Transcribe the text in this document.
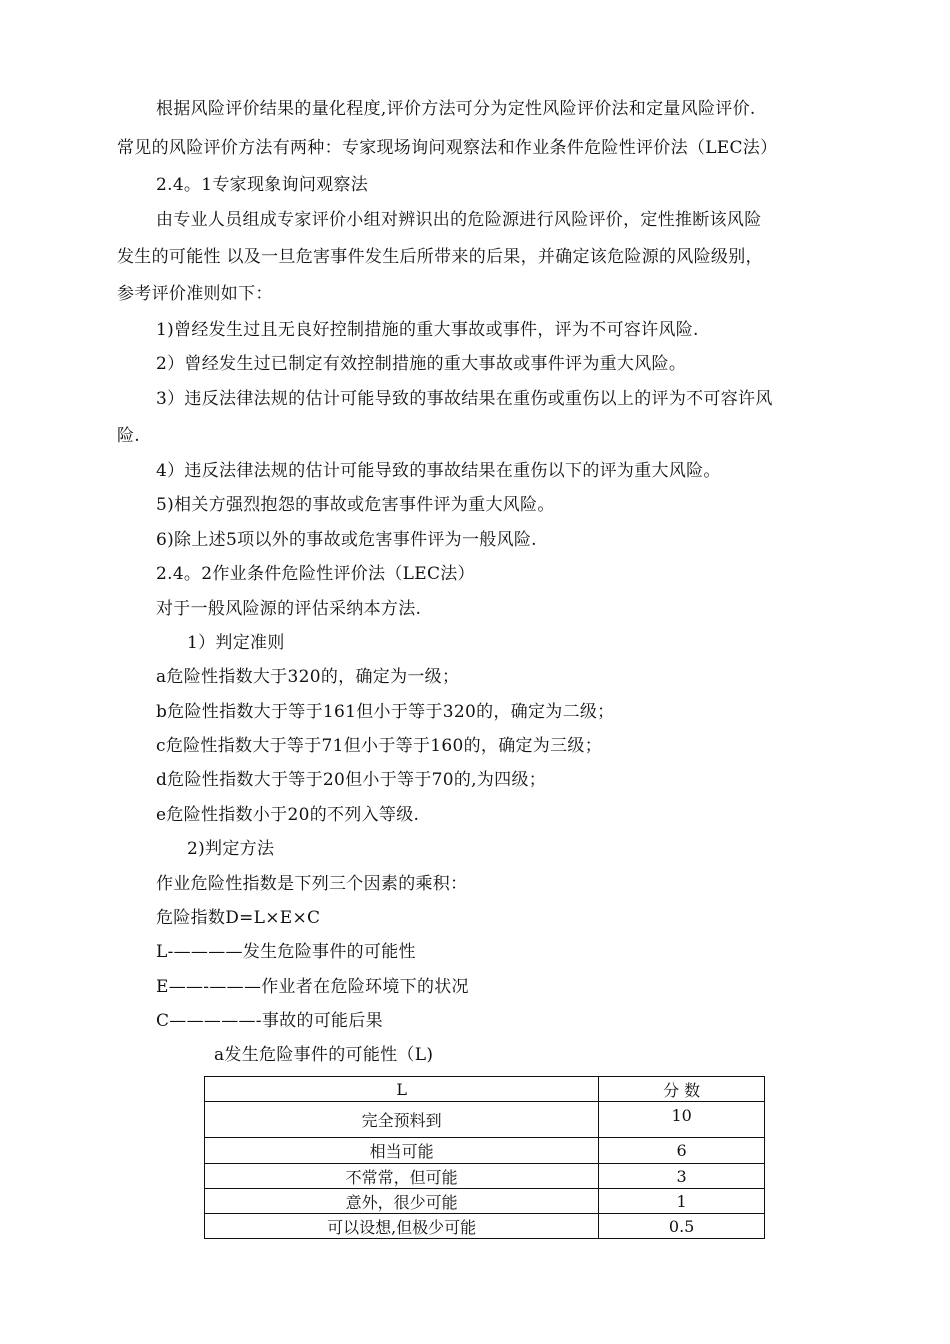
根据风险评价结果的量化程度,评价方法可分为定性风险评价法和定量风险评价.
常见的风险评价方法有两种：专家现场询问观察法和作业条件危险性评价法（LEC法）
2.4。1专家现象询问观察法
由专业人员组成专家评价小组对辨识出的危险源进行风险评价，定性推断该风险
发生的可能性 以及一旦危害事件发生后所带来的后果，并确定该危险源的风险级别，
参考评价准则如下：
1)曾经发生过且无良好控制措施的重大事故或事件，评为不可容许风险.
2）曾经发生过已制定有效控制措施的重大事故或事件评为重大风险。
3）违反法律法规的估计可能导致的事故结果在重伤或重伤以上的评为不可容许风
险.
4）违反法律法规的估计可能导致的事故结果在重伤以下的评为重大风险。
5)相关方强烈抱怨的事故或危害事件评为重大风险。
6)除上述5项以外的事故或危害事件评为一般风险.
2.4。2作业条件危险性评价法（LEC法）
对于一般风险源的评估采纳本方法.
1）判定准则
a危险性指数大于320的，确定为一级；
b危险性指数大于等于161但小于等于320的，确定为二级；
c危险性指数大于等于71但小于等于160的，确定为三级；
d危险性指数大于等于20但小于等于70的,为四级；
e危险性指数小于20的不列入等级.
2)判定方法
作业危险性指数是下列三个因素的乘积：
危险指数D=L×E×C
L-————发生危险事件的可能性
E——-———作业者在危险环境下的状况
C—————-事故的可能后果
a发生危险事件的可能性（L)
L	分 数
完全预料到	10
相当可能	6
不常常，但可能	3
意外，很少可能	1
可以设想,但极少可能	0.5
